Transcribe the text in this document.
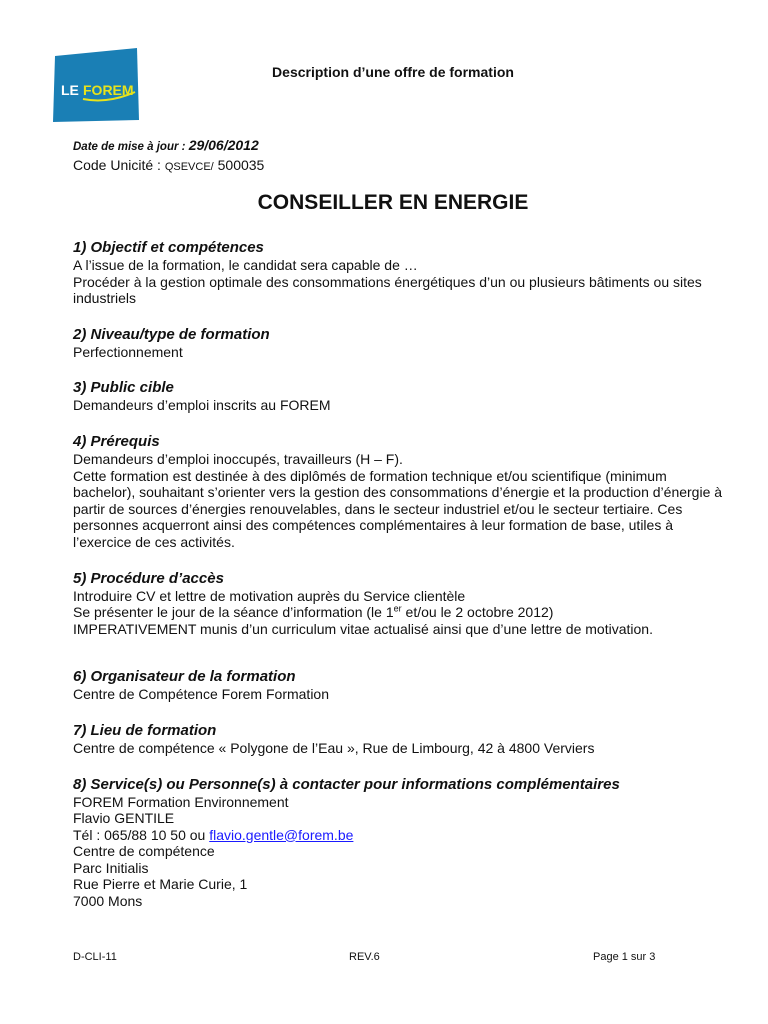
LE FOREM
Description d’une offre de formation
Date de mise à jour : 29/06/2012
Code Unicité : QSEVCE/ 500035
CONSEILLER EN ENERGIE
1) Objectif et compétences

A l’issue de la formation, le candidat sera capable de …

Procéder à la gestion optimale des consommations énergétiques d’un ou plusieurs bâtiments ou sites industriels

2) Niveau/type de formation

Perfectionnement

3) Public cible

Demandeurs d’emploi inscrits au FOREM

4) Prérequis

Demandeurs d’emploi inoccupés, travailleurs (H – F).

Cette formation est destinée à des diplômés de formation technique et/ou scientifique (minimum bachelor), souhaitant s’orienter vers la gestion des consommations d’énergie et la production d’énergie à partir de sources d’énergies renouvelables, dans le secteur industriel et/ou le secteur tertiaire. Ces personnes acquerront ainsi des compétences complémentaires à leur formation de base, utiles à l’exercice de ces activités.

5) Procédure d’accès

Introduire CV et lettre de motivation auprès du Service clientèle

Se présenter le jour de la séance d’information (le 1er et/ou le 2 octobre 2012)

IMPERATIVEMENT munis d’un curriculum vitae actualisé ainsi que d’une lettre de motivation.

6) Organisateur de la formation

Centre de Compétence Forem Formation

7) Lieu de formation

Centre de compétence « Polygone de l’Eau », Rue de Limbourg, 42 à 4800 Verviers

8) Service(s) ou Personne(s) à contacter pour informations complémentaires

FOREM Formation Environnement

Flavio GENTILE

Tél : 065/88 10 50 ou flavio.gentle@forem.be

Centre de compétence

Parc Initialis

Rue Pierre et Marie Curie, 1

7000 Mons

D-CLI-11	REV.6	Page 1 sur 3
